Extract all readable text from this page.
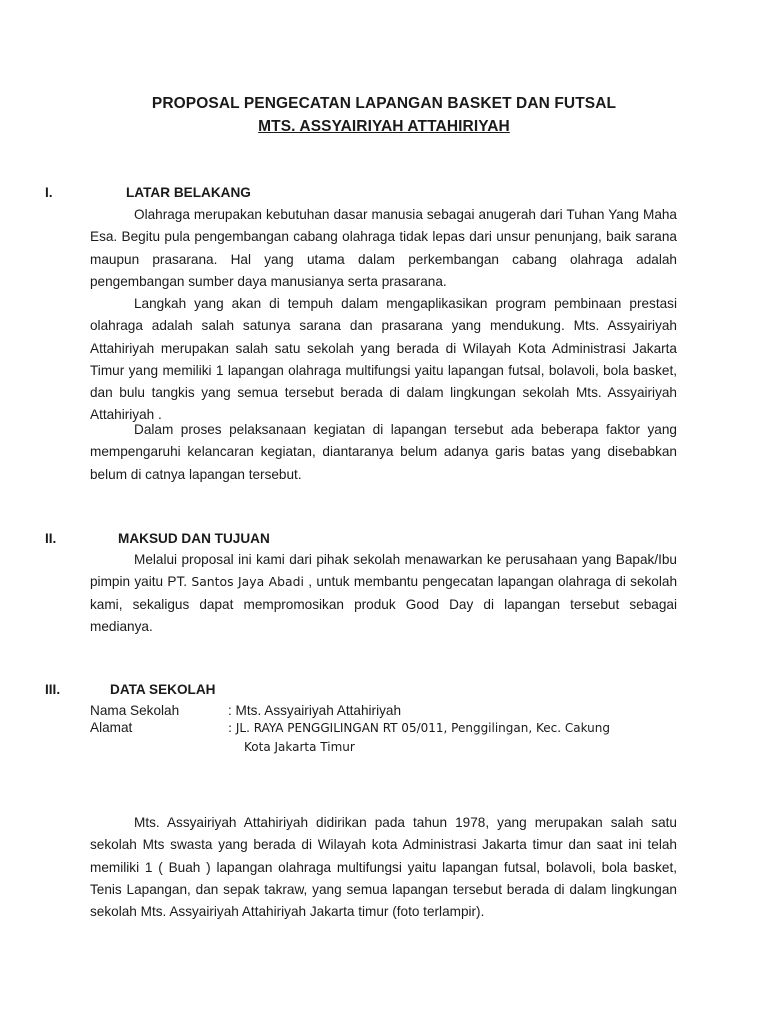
PROPOSAL PENGECATAN LAPANGAN BASKET DAN FUTSAL
MTS. ASSYAIRIYAH ATTAHIRIYAH
I.	LATAR BELAKANG

Olahraga merupakan kebutuhan dasar manusia sebagai anugerah dari Tuhan Yang Maha Esa. Begitu pula pengembangan cabang olahraga tidak lepas dari unsur penunjang, baik sarana maupun prasarana. Hal yang utama dalam perkembangan cabang olahraga adalah pengembangan sumber daya manusianya serta prasarana.

Langkah yang akan di tempuh dalam mengaplikasikan program pembinaan prestasi olahraga adalah salah satunya sarana dan prasarana yang mendukung. Mts. Assyairiyah Attahiriyah merupakan salah satu sekolah yang berada di Wilayah Kota Administrasi Jakarta Timur yang memiliki 1 lapangan olahraga multifungsi yaitu lapangan futsal, bolavoli, bola basket, dan bulu tangkis yang semua tersebut berada di dalam lingkungan sekolah Mts. Assyairiyah Attahiriyah .

Dalam proses pelaksanaan kegiatan di lapangan tersebut ada beberapa faktor yang mempengaruhi kelancaran kegiatan, diantaranya belum adanya garis batas yang disebabkan belum di catnya lapangan tersebut.

II.	MAKSUD DAN TUJUAN

Melalui proposal ini kami dari pihak sekolah menawarkan ke perusahaan yang Bapak/Ibu pimpin yaitu PT. Santos Jaya Abadi , untuk membantu pengecatan lapangan olahraga di sekolah kami, sekaligus dapat mempromosikan produk Good Day di lapangan tersebut sebagai medianya.

III.	DATA SEKOLAH
Nama Sekolah	: Mts. Assyairiyah Attahiriyah
Alamat	: JL. RAYA PENGGILINGAN RT 05/011, Penggilingan, Kec. Cakung
Kota Jakarta Timur

Mts. Assyairiyah Attahiriyah didirikan pada tahun 1978, yang merupakan salah satu sekolah Mts swasta yang berada di Wilayah kota Administrasi Jakarta timur dan saat ini telah memiliki 1 ( Buah ) lapangan olahraga multifungsi yaitu lapangan futsal, bolavoli, bola basket, Tenis Lapangan, dan sepak takraw, yang semua lapangan tersebut berada di dalam lingkungan sekolah Mts. Assyairiyah Attahiriyah Jakarta timur (foto terlampir).
